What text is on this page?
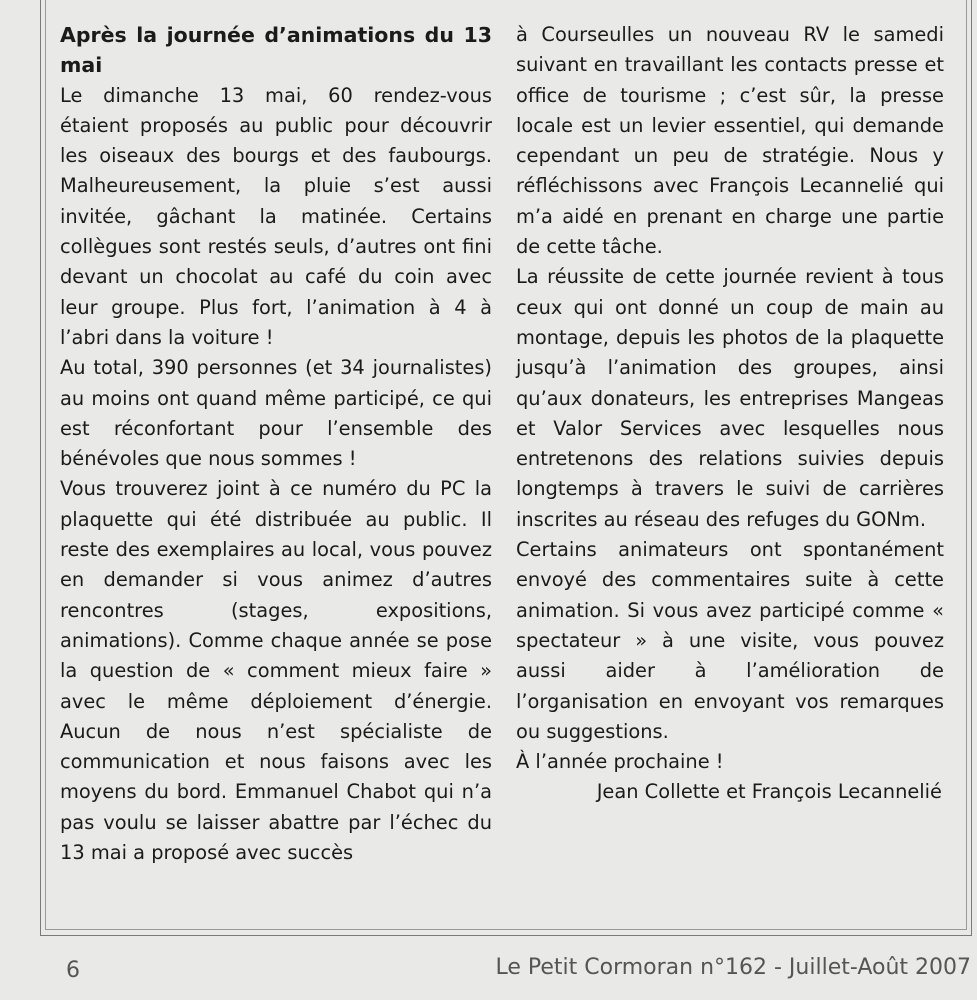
Après la journée d’animations du 13 mai

Le dimanche 13 mai, 60 rendez-vous étaient proposés au public pour découvrir les oiseaux des bourgs et des faubourgs. Malheureusement, la pluie s’est aussi invitée, gâchant la matinée. Certains collègues sont restés seuls, d’autres ont fini devant un chocolat au café du coin avec leur groupe. Plus fort, l’animation à 4 à l’abri dans la voiture !

Au total, 390 personnes (et 34 journalistes) au moins ont quand même participé, ce qui est réconfortant pour l’ensemble des bénévoles que nous sommes !

Vous trouverez joint à ce numéro du PC la plaquette qui été distribuée au public. Il reste des exemplaires au local, vous pouvez en demander si vous animez d’autres rencontres (stages, expositions, animations). Comme chaque année se pose la question de « comment mieux faire » avec le même déploiement d’énergie. Aucun de nous n’est spécialiste de communication et nous faisons avec les moyens du bord. Emmanuel Chabot qui n’a pas voulu se laisser abattre par l’échec du 13 mai a proposé avec succès

à Courseulles un nouveau RV le samedi suivant en travaillant les contacts presse et office de tourisme ; c’est sûr, la presse locale est un levier essentiel, qui demande cependant un peu de stratégie. Nous y réfléchissons avec François Lecannelié qui m’a aidé en prenant en charge une partie de cette tâche.

La réussite de cette journée revient à tous ceux qui ont donné un coup de main au montage, depuis les photos de la plaquette jusqu’à l’animation des groupes, ainsi qu’aux donateurs, les entreprises Mangeas et Valor Services avec lesquelles nous entretenons des relations suivies depuis longtemps à travers le suivi de carrières inscrites au réseau des refuges du GONm.

Certains animateurs ont spontanément envoyé des commentaires suite à cette animation. Si vous avez participé comme « spectateur » à une visite, vous pouvez aussi aider à l’amélioration de l’organisation en envoyant vos remarques ou suggestions.

À l’année prochaine !

Jean Collette et François Lecannelié

6	Le Petit Cormoran n°162 - Juillet-Août 2007
